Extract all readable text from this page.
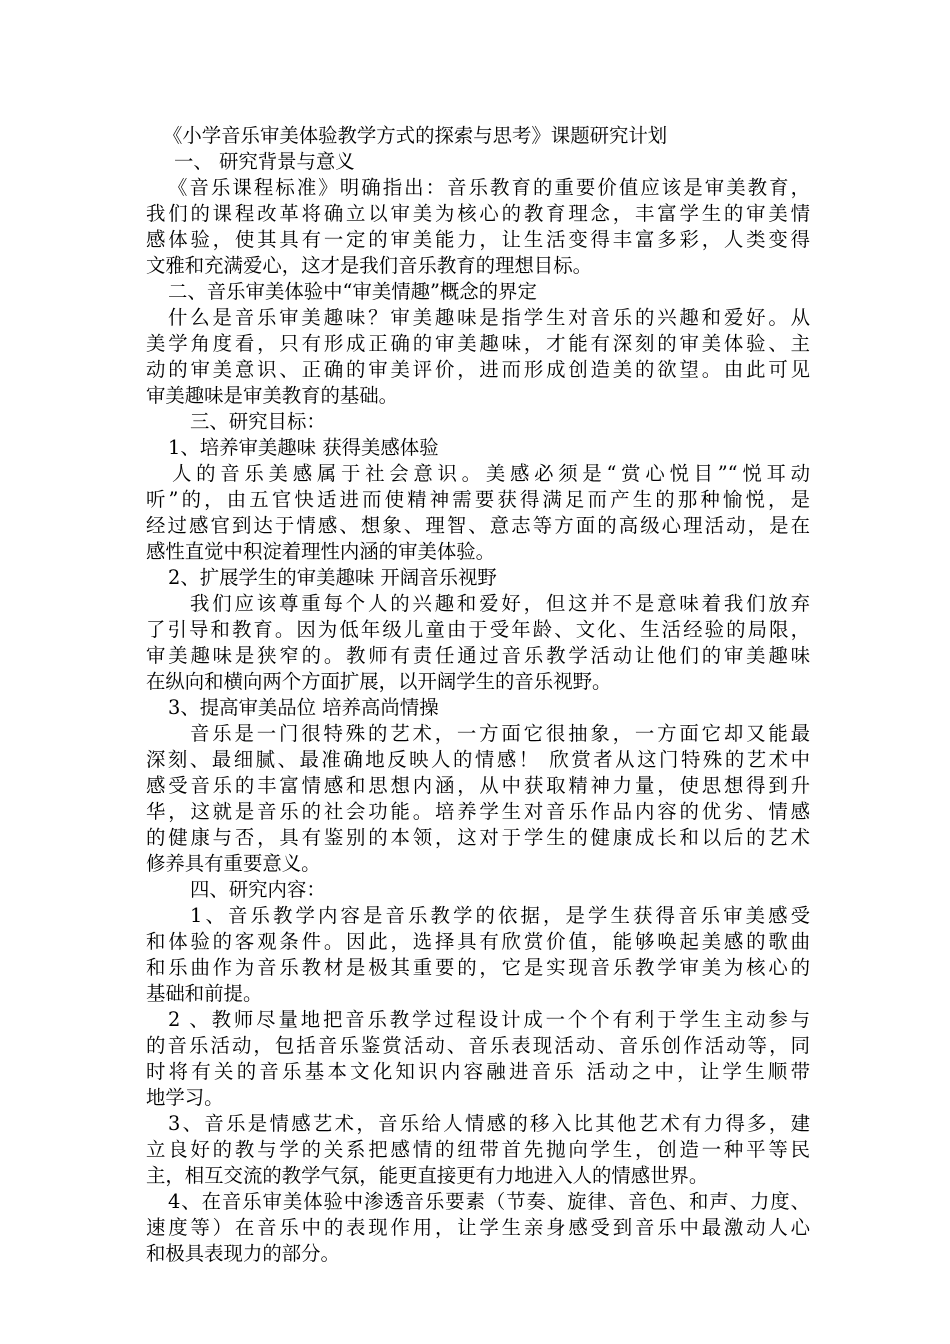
《小学音乐审美体验教学方式的探索与思考》课题研究计划
一、 研究背景与意义
《音乐课程标准》明确指出：音乐教育的重要价值应该是审美教育，
我们的课程改革将确立以审美为核心的教育理念，丰富学生的审美情
感体验，使其具有一定的审美能力，让生活变得丰富多彩，人类变得
文雅和充满爱心，这才是我们音乐教育的理想目标。
二、音乐审美体验中“审美情趣”概念的界定
什么是音乐审美趣味？审美趣味是指学生对音乐的兴趣和爱好。从
美学角度看，只有形成正确的审美趣味，才能有深刻的审美体验、主
动的审美意识、正确的审美评价，进而形成创造美的欲望。由此可见
审美趣味是审美教育的基础。
三、研究目标：
1、培养审美趣味 获得美感体验
人的音乐美感属于社会意识。美感必须是“赏心悦目”“悦耳动
听”的，由五官快适进而使精神需要获得满足而产生的那种愉悦，是
经过感官到达于情感、想象、理智、意志等方面的高级心理活动，是在
感性直觉中积淀着理性内涵的审美体验。
2、扩展学生的审美趣味 开阔音乐视野
我们应该尊重每个人的兴趣和爱好，但这并不是意味着我们放弃
了引导和教育。因为低年级儿童由于受年龄、文化、生活经验的局限，
审美趣味是狭窄的。教师有责任通过音乐教学活动让他们的审美趣味
在纵向和横向两个方面扩展，以开阔学生的音乐视野。
3、提高审美品位 培养高尚情操
音乐是一门很特殊的艺术，一方面它很抽象，一方面它却又能最
深刻、最细腻、最准确地反映人的情感！ 欣赏者从这门特殊的艺术中
感受音乐的丰富情感和思想内涵，从中获取精神力量，使思想得到升
华，这就是音乐的社会功能。培养学生对音乐作品内容的优劣、情感
的健康与否，具有鉴别的本领，这对于学生的健康成长和以后的艺术
修养具有重要意义。
四、研究内容：
1、音乐教学内容是音乐教学的依据，是学生获得音乐审美感受
和体验的客观条件。因此，选择具有欣赏价值，能够唤起美感的歌曲
和乐曲作为音乐教材是极其重要的，它是实现音乐教学审美为核心的
基础和前提。
2 、教师尽量地把音乐教学过程设计成一个个有利于学生主动参与
的音乐活动，包括音乐鉴赏活动、音乐表现活动、音乐创作活动等，同
时将有关的音乐基本文化知识内容融进音乐 活动之中，让学生顺带
地学习。
3、音乐是情感艺术，音乐给人情感的移入比其他艺术有力得多，建
立良好的教与学的关系把感情的纽带首先抛向学生，创造一种平等民
主，相互交流的教学气氛，能更直接更有力地进入人的情感世界。
4、在音乐审美体验中渗透音乐要素（节奏、旋律、音色、和声、力度、
速度等）在音乐中的表现作用，让学生亲身感受到音乐中最激动人心
和极具表现力的部分。
